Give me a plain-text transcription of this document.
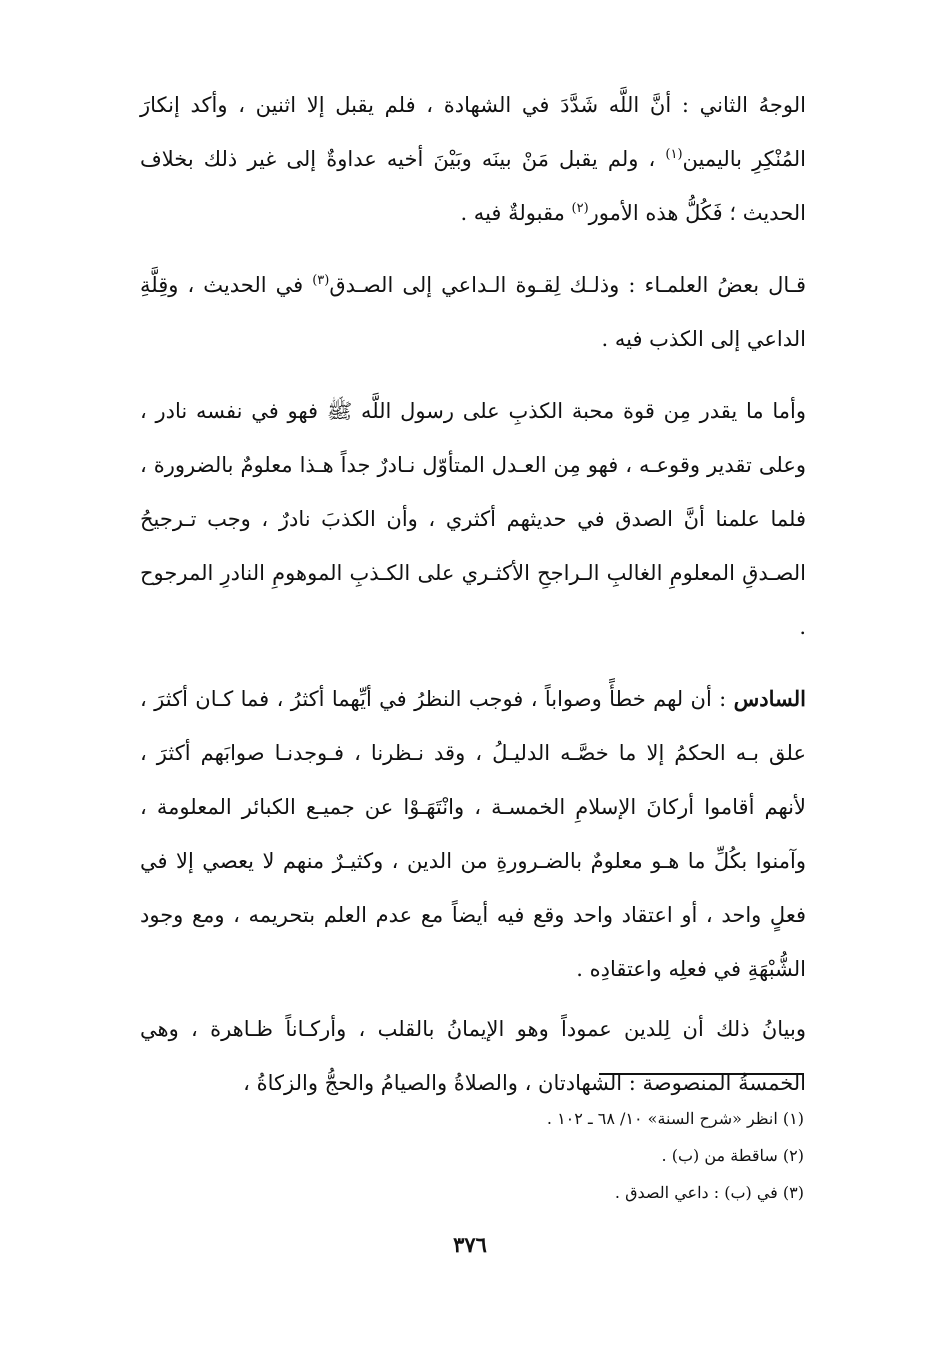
الوجهُ الثاني : أنَّ اللَّه شَدَّدَ في الشهادة ، فلم يقبل إلا اثنين ، وأكد إنكارَ المُنْكِرِ باليمين$^{(١)}$ ، ولم يقبل مَنْ بينَه وبَيْنَ أخيه عداوةٌ إلى غير ذلك بخلاف الحديث ؛ فَكُلُّ هذه الأمور$^{(٢)}$ مقبولةٌ فيه .

قـال بعضُ العلمـاء : وذلـك لِقـوة الـداعي إلى الصـدق$^{(٣)}$ في الحديث ، وقِلَّةِ الداعي إلى الكذب فيه .

وأما ما يقدر مِن قوة محبة الكذبِ على رسول اللَّه ﷺ فهو في نفسه نادر ، وعلى تقدير وقوعـه ، فهو مِن العـدل المتأوّل نـادرٌ جداً هـذا معلومٌ بالضرورة ، فلما علمنا أنَّ الصدق في حديثهم أكثري ، وأن الكذبَ نادرٌ ، وجب تـرجيحُ الصـدقِ المعلومِ الغالبِ الـراجحِ الأكثـري على الكـذبِ الموهومِ النادرِ المرجوح .

السادس : أن لهم خطأً وصواباً ، فوجب النظرُ في أيِّهما أكثرُ ، فما كـان أكثرَ ، علق بـه الحكمُ إلا ما خصَّـه الدليـلُ ، وقد نـظرنا ، فـوجدنـا صوابَهم أكثرَ ، لأنهم أقاموا أركانَ الإسلامِ الخمسـة ، وانْتَهَـوْا عن جميـع الكبائر المعلومة ، وآمنوا بكُلِّ ما هـو معلومٌ بالضـرورةِ من الدين ، وكثيـرٌ منهم لا يعصي إلا في فعلٍ واحد ، أو اعتقاد واحد وقع فيه أيضاً مع عدم العلم بتحريمه ، ومع وجود الشُّبْهَةِ في فعلِه واعتقادِه .

وبيانُ ذلك أن لِلدين عموداً وهو الإيمانُ بالقلب ، وأركـاناً ظـاهرة ، وهي الخمسةُ المنصوصة : الشهادتان ، والصلاةُ والصيامُ والحجُّ والزكاةُ ،

(١) انظر «شرح السنة» ١٠/ ٦٨ ـ ١٠٢ .

(٢) ساقطة من (ب) .

(٣) في (ب) : داعي الصدق .

٣٧٦
